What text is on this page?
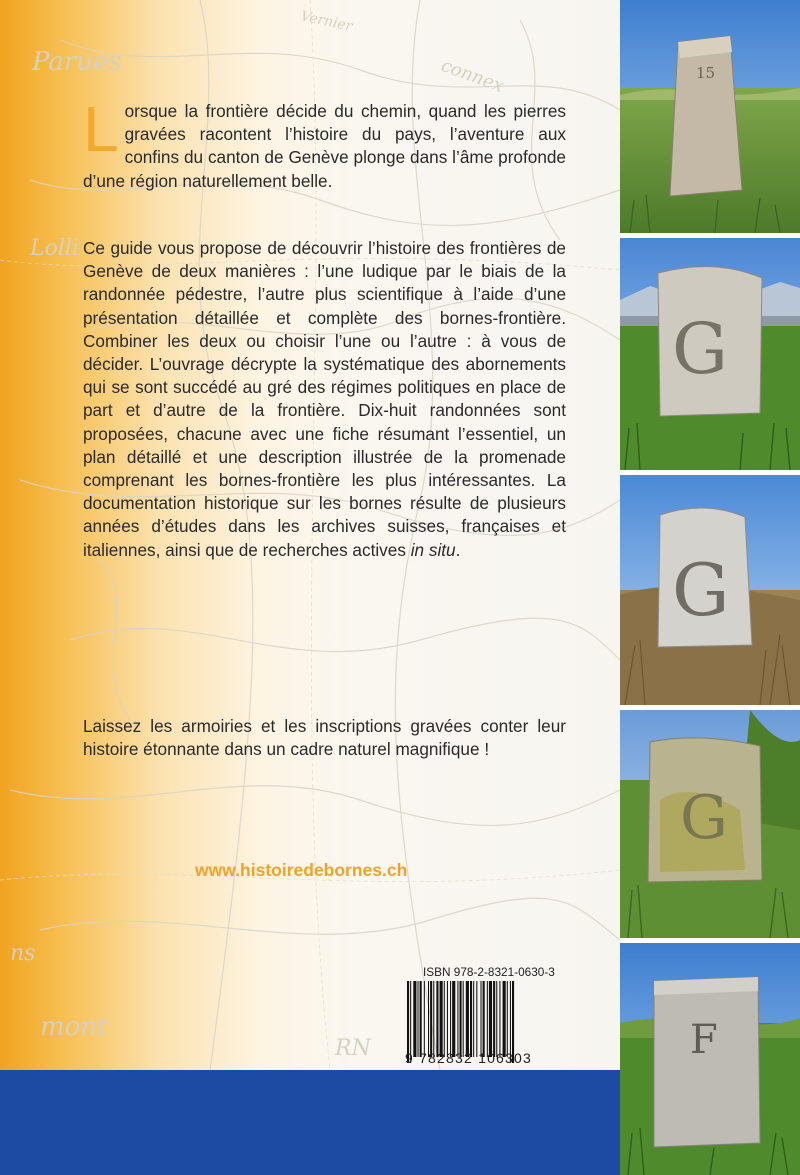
Parues
Lolli
ns
mont
RN
connex
Vernier
Lorsque la frontière décide du chemin, quand les pierres gravées racontent l’histoire du pays, l’aventure aux confins du canton de Genève plonge dans l’âme profonde d’une région naturellement belle.
Ce guide vous propose de découvrir l’histoire des frontières de Genève de deux manières : l’une ludique par le biais de la randonnée pédestre, l’autre plus scientifique à l’aide d’une présentation détaillée et complète des bornes-frontière. Combiner les deux ou choisir l’une ou l’autre : à vous de décider. L’ouvrage décrypte la systématique des abornements qui se sont succédé au gré des régimes politiques en place de part et d’autre de la frontière. Dix-huit randonnées sont proposées, chacune avec une fiche résumant l’essentiel, un plan détaillé et une description illustrée de la promenade comprenant les bornes-frontière les plus intéressantes. La documentation historique sur les bornes résulte de plusieurs années d’études dans les archives suisses, françaises et italiennes, ainsi que de recherches actives in situ.
Laissez les armoiries et les inscriptions gravées conter leur histoire étonnante dans un cadre naturel magnifique !
www.histoiredebornes.ch
ISBN 978-2-8321-0630-3
9 782832 106303
15
G
G
G
F
